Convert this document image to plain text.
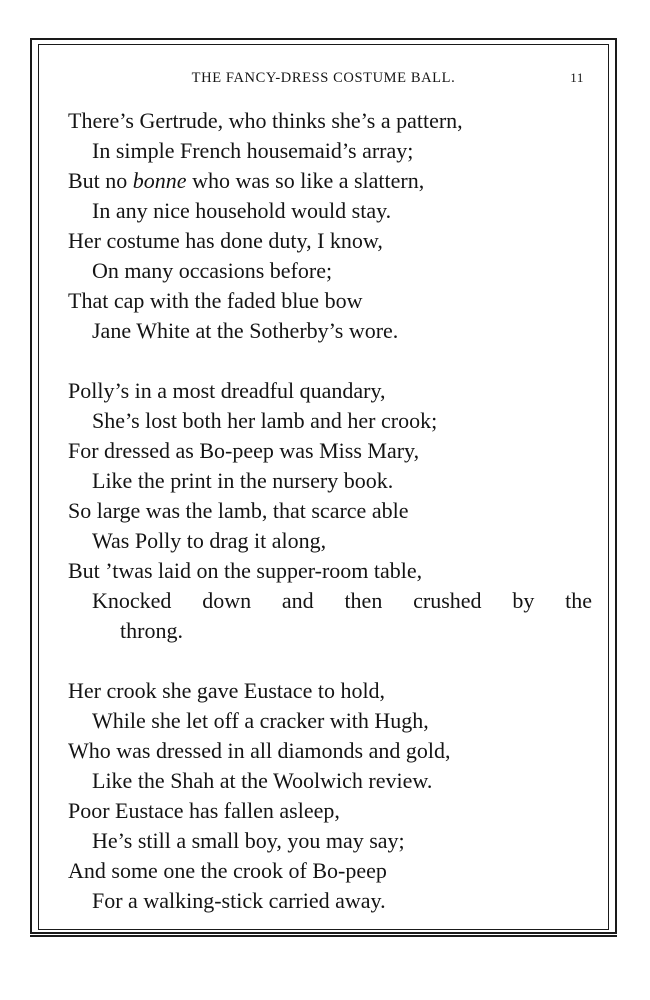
THE FANCY-DRESS COSTUME BALL.	11
There’s Gertrude, who thinks she’s a pattern,
In simple French housemaid’s array;
But no bonne who was so like a slattern,
In any nice household would stay.
Her costume has done duty, I know,
On many occasions before;
That cap with the faded blue bow
Jane White at the Sotherby’s wore.
Polly’s in a most dreadful quandary,
She’s lost both her lamb and her crook;
For dressed as Bo-peep was Miss Mary,
Like the print in the nursery book.
So large was the lamb, that scarce able
Was Polly to drag it along,
But ’twas laid on the supper-room table,
Knocked down and then crushed by the
throng.
Her crook she gave Eustace to hold,
While she let off a cracker with Hugh,
Who was dressed in all diamonds and gold,
Like the Shah at the Woolwich review.
Poor Eustace has fallen asleep,
He’s still a small boy, you may say;
And some one the crook of Bo-peep
For a walking-stick carried away.
